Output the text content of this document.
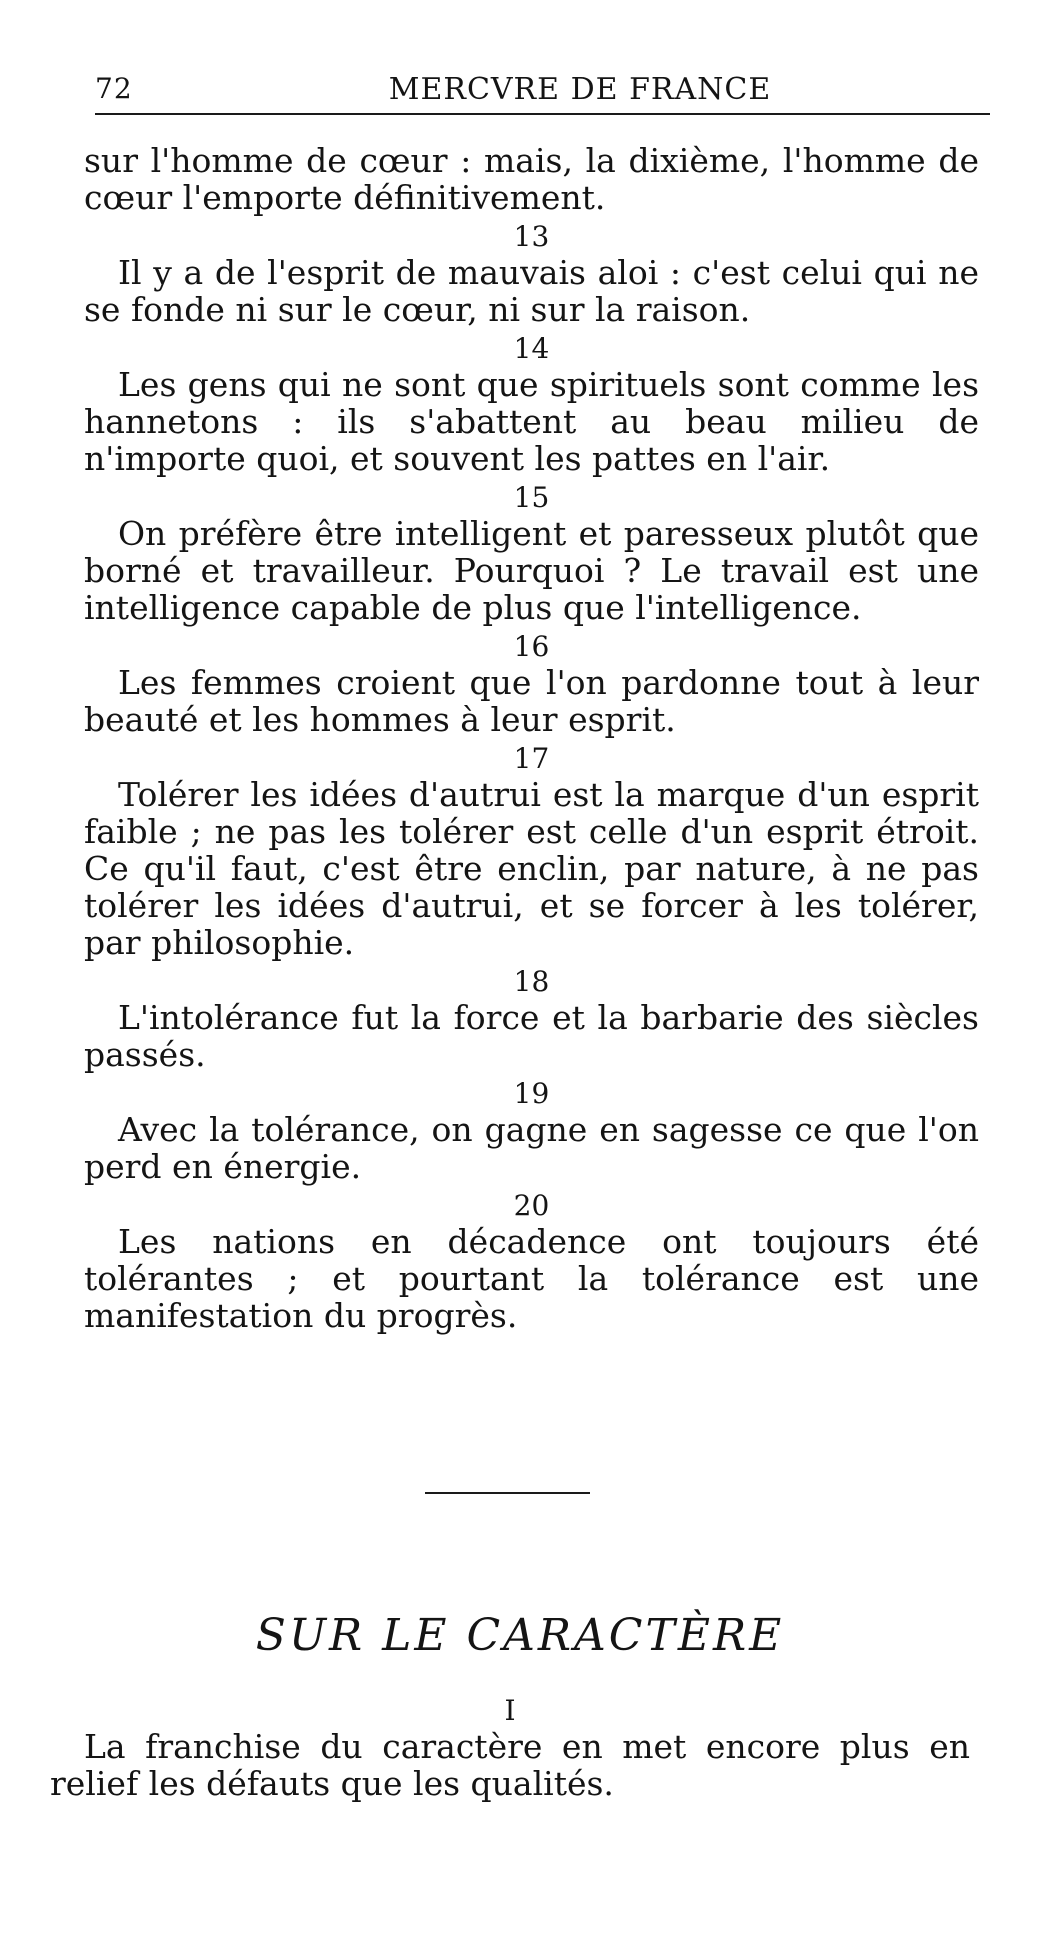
72	MERCVRE DE FRANCE

sur l'homme de cœur : mais, la dixième, l'homme de cœur l'emporte définitivement.

13

Il y a de l'esprit de mauvais aloi : c'est celui qui ne se fonde ni sur le cœur, ni sur la raison.

14

Les gens qui ne sont que spirituels sont comme les hannetons : ils s'abattent au beau milieu de n'importe quoi, et souvent les pattes en l'air.

15

On préfère être intelligent et paresseux plutôt que borné et travailleur. Pourquoi ? Le travail est une intelligence capable de plus que l'intelligence.

16

Les femmes croient que l'on pardonne tout à leur beauté et les hommes à leur esprit.

17

Tolérer les idées d'autrui est la marque d'un esprit faible ; ne pas les tolérer est celle d'un esprit étroit. Ce qu'il faut, c'est être enclin, par nature, à ne pas tolérer les idées d'autrui, et se forcer à les tolérer, par philosophie.

18

L'intolérance fut la force et la barbarie des siècles passés.

19

Avec la tolérance, on gagne en sagesse ce que l'on perd en énergie.

20

Les nations en décadence ont toujours été tolérantes ; et pourtant la tolérance est une manifestation du progrès.

SUR LE CARACTÈRE
I

La franchise du caractère en met encore plus en relief les défauts que les qualités.
